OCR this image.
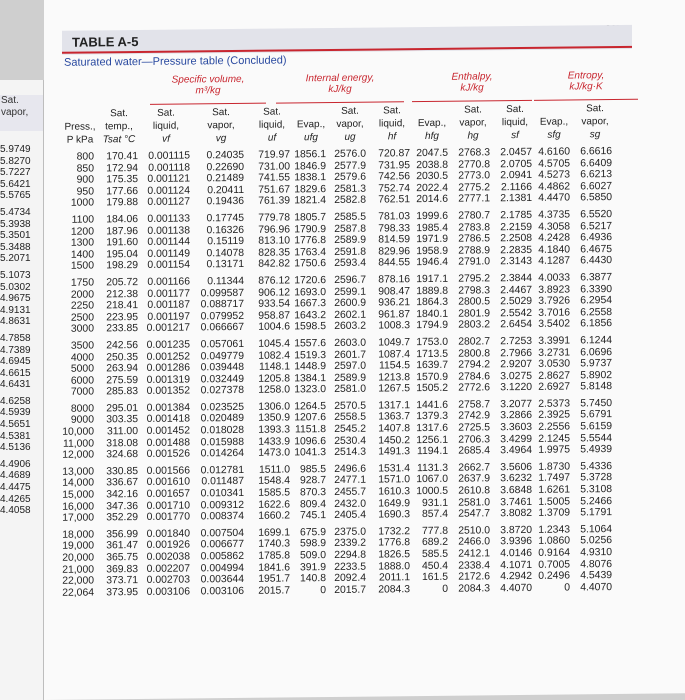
Sat.
vapor,
5.9749
5.8270
5.7227
5.6421
5.5765

5.4734
5.3938
5.3501
5.3488
5.2071

5.1073
5.0302
4.9675
4.9131
4.8631

4.7858
4.7389
4.6945
4.6615
4.6431

4.6258
4.5939
4.5651
4.5381
4.5136

4.4906
4.4689
4.4475
4.4265
4.4058
TABLE A-5
Saturated water—Pressure table (Concluded)
Specific volume,
m³/kg
Internal energy,
kJ/kg
Enthalpy,
kJ/kg
Entropy,
kJ/kg·K

Press.,
P kPa
Sat.
temp.,
Tsat °C
Sat.
liquid,
vf
Sat.
vapor,
vg
Sat.
liquid,
uf

Evap.,
ufg
Sat.
vapor,
ug
Sat.
liquid,
hf

Evap.,
hfg
Sat.
vapor,
hg
Sat.
liquid,
sf

Evap.,
sfg
Sat.
vapor,
sg
800
850
900
950
1000
1100
1200
1300
1400
1500
1750
2000
2250
2500
3000
3500
4000
5000
6000
7000
8000
9000
10,000
11,000
12,000
13,000
14,000
15,000
16,000
17,000
18,000
19,000
20,000
21,000
22,000
22,064
170.41
172.94
175.35
177.66
179.88
184.06
187.96
191.60
195.04
198.29
205.72
212.38
218.41
223.95
233.85
242.56
250.35
263.94
275.59
285.83
295.01
303.35
311.00
318.08
324.68
330.85
336.67
342.16
347.36
352.29
356.99
361.47
365.75
369.83
373.71
373.95
0.001115
0.001118
0.001121
0.001124
0.001127
0.001133
0.001138
0.001144
0.001149
0.001154
0.001166
0.001177
0.001187
0.001197
0.001217
0.001235
0.001252
0.001286
0.001319
0.001352
0.001384
0.001418
0.001452
0.001488
0.001526
0.001566
0.001610
0.001657
0.001710
0.001770
0.001840
0.001926
0.002038
0.002207
0.002703
0.003106
0.24035
0.22690
0.21489
0.20411
0.19436
0.17745
0.16326
0.15119
0.14078
0.13171
0.11344
0.099587
0.088717
0.079952
0.066667
0.057061
0.049779
0.039448
0.032449
0.027378
0.023525
0.020489
0.018028
0.015988
0.014264
0.012781
0.011487
0.010341
0.009312
0.008374
0.007504
0.006677
0.005862
0.004994
0.003644
0.003106
719.97
731.00
741.55
751.67
761.39
779.78
796.96
813.10
828.35
842.82
876.12
906.12
933.54
958.87
1004.6
1045.4
1082.4
1148.1
1205.8
1258.0
1306.0
1350.9
1393.3
1433.9
1473.0
1511.0
1548.4
1585.5
1622.6
1660.2
1699.1
1740.3
1785.8
1841.6
1951.7
2015.7
1856.1
1846.9
1838.1
1829.6
1821.4
1805.7
1790.9
1776.8
1763.4
1750.6
1720.6
1693.0
1667.3
1643.2
1598.5
1557.6
1519.3
1448.9
1384.1
1323.0
1264.5
1207.6
1151.8
1096.6
1041.3
985.5
928.7
870.3
809.4
745.1
675.9
598.9
509.0
391.9
140.8
0
2576.0
2577.9
2579.6
2581.3
2582.8
2585.5
2587.8
2589.9
2591.8
2593.4
2596.7
2599.1
2600.9
2602.1
2603.2
2603.0
2601.7
2597.0
2589.9
2581.0
2570.5
2558.5
2545.2
2530.4
2514.3
2496.6
2477.1
2455.7
2432.0
2405.4
2375.0
2339.2
2294.8
2233.5
2092.4
2015.7
720.87
731.95
742.56
752.74
762.51
781.03
798.33
814.59
829.96
844.55
878.16
908.47
936.21
961.87
1008.3
1049.7
1087.4
1154.5
1213.8
1267.5
1317.1
1363.7
1407.8
1450.2
1491.3
1531.4
1571.0
1610.3
1649.9
1690.3
1732.2
1776.8
1826.5
1888.0
2011.1
2084.3
2047.5
2038.8
2030.5
2022.4
2014.6
1999.6
1985.4
1971.9
1958.9
1946.4
1917.1
1889.8
1864.3
1840.1
1794.9
1753.0
1713.5
1639.7
1570.9
1505.2
1441.6
1379.3
1317.6
1256.1
1194.1
1131.3
1067.0
1000.5
931.1
857.4
777.8
689.2
585.5
450.4
161.5
0
2768.3
2770.8
2773.0
2775.2
2777.1
2780.7
2783.8
2786.5
2788.9
2791.0
2795.2
2798.3
2800.5
2801.9
2803.2
2802.7
2800.8
2794.2
2784.6
2772.6
2758.7
2742.9
2725.5
2706.3
2685.4
2662.7
2637.9
2610.8
2581.0
2547.7
2510.0
2466.0
2412.1
2338.4
2172.6
2084.3
2.0457
2.0705
2.0941
2.1166
2.1381
2.1785
2.2159
2.2508
2.2835
2.3143
2.3844
2.4467
2.5029
2.5542
2.6454
2.7253
2.7966
2.9207
3.0275
3.1220
3.2077
3.2866
3.3603
3.4299
3.4964
3.5606
3.6232
3.6848
3.7461
3.8082
3.8720
3.9396
4.0146
4.1071
4.2942
4.4070
4.6160
4.5705
4.5273
4.4862
4.4470
4.3735
4.3058
4.2428
4.1840
4.1287
4.0033
3.8923
3.7926
3.7016
3.5402
3.3991
3.2731
3.0530
2.8627
2.6927
2.5373
2.3925
2.2556
2.1245
1.9975
1.8730
1.7497
1.6261
1.5005
1.3709
1.2343
1.0860
0.9164
0.7005
0.2496
0
6.6616
6.6409
6.6213
6.6027
6.5850
6.5520
6.5217
6.4936
6.4675
6.4430
6.3877
6.3390
6.2954
6.2558
6.1856
6.1244
6.0696
5.9737
5.8902
5.8148
5.7450
5.6791
5.6159
5.5544
5.4939
5.4336
5.3728
5.3108
5.2466
5.1791
5.1064
5.0256
4.9310
4.8076
4.5439
4.4070
